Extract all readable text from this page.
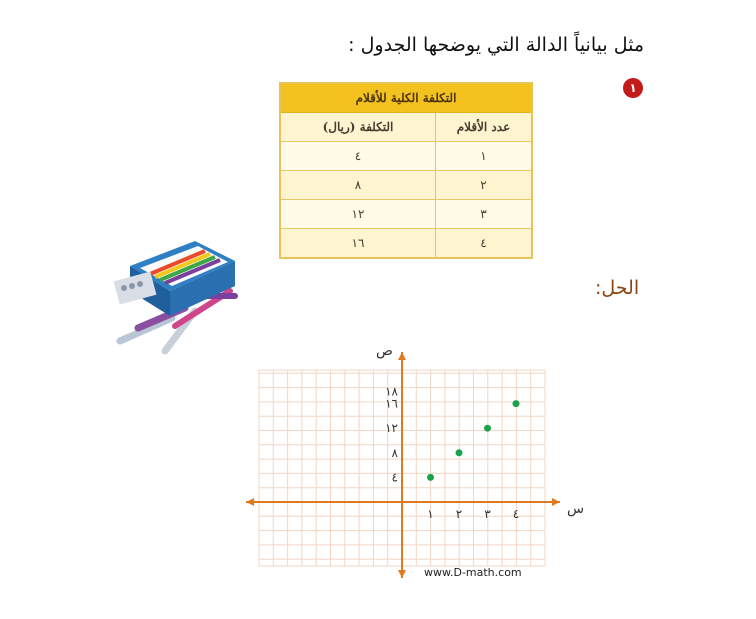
مثل بيانياً الدالة التي يوضحها الجدول :
١
التكلفة الكلية للأقلام	
عدد الأقلام	التكلفة (ريال)
١	٤
٢	٨
٣	١٢
٤	١٦
الحل:
س
ص
١ ٢ ٣ ٤
٤
٨
١٢
١٦
١٨
www.D-math.com
